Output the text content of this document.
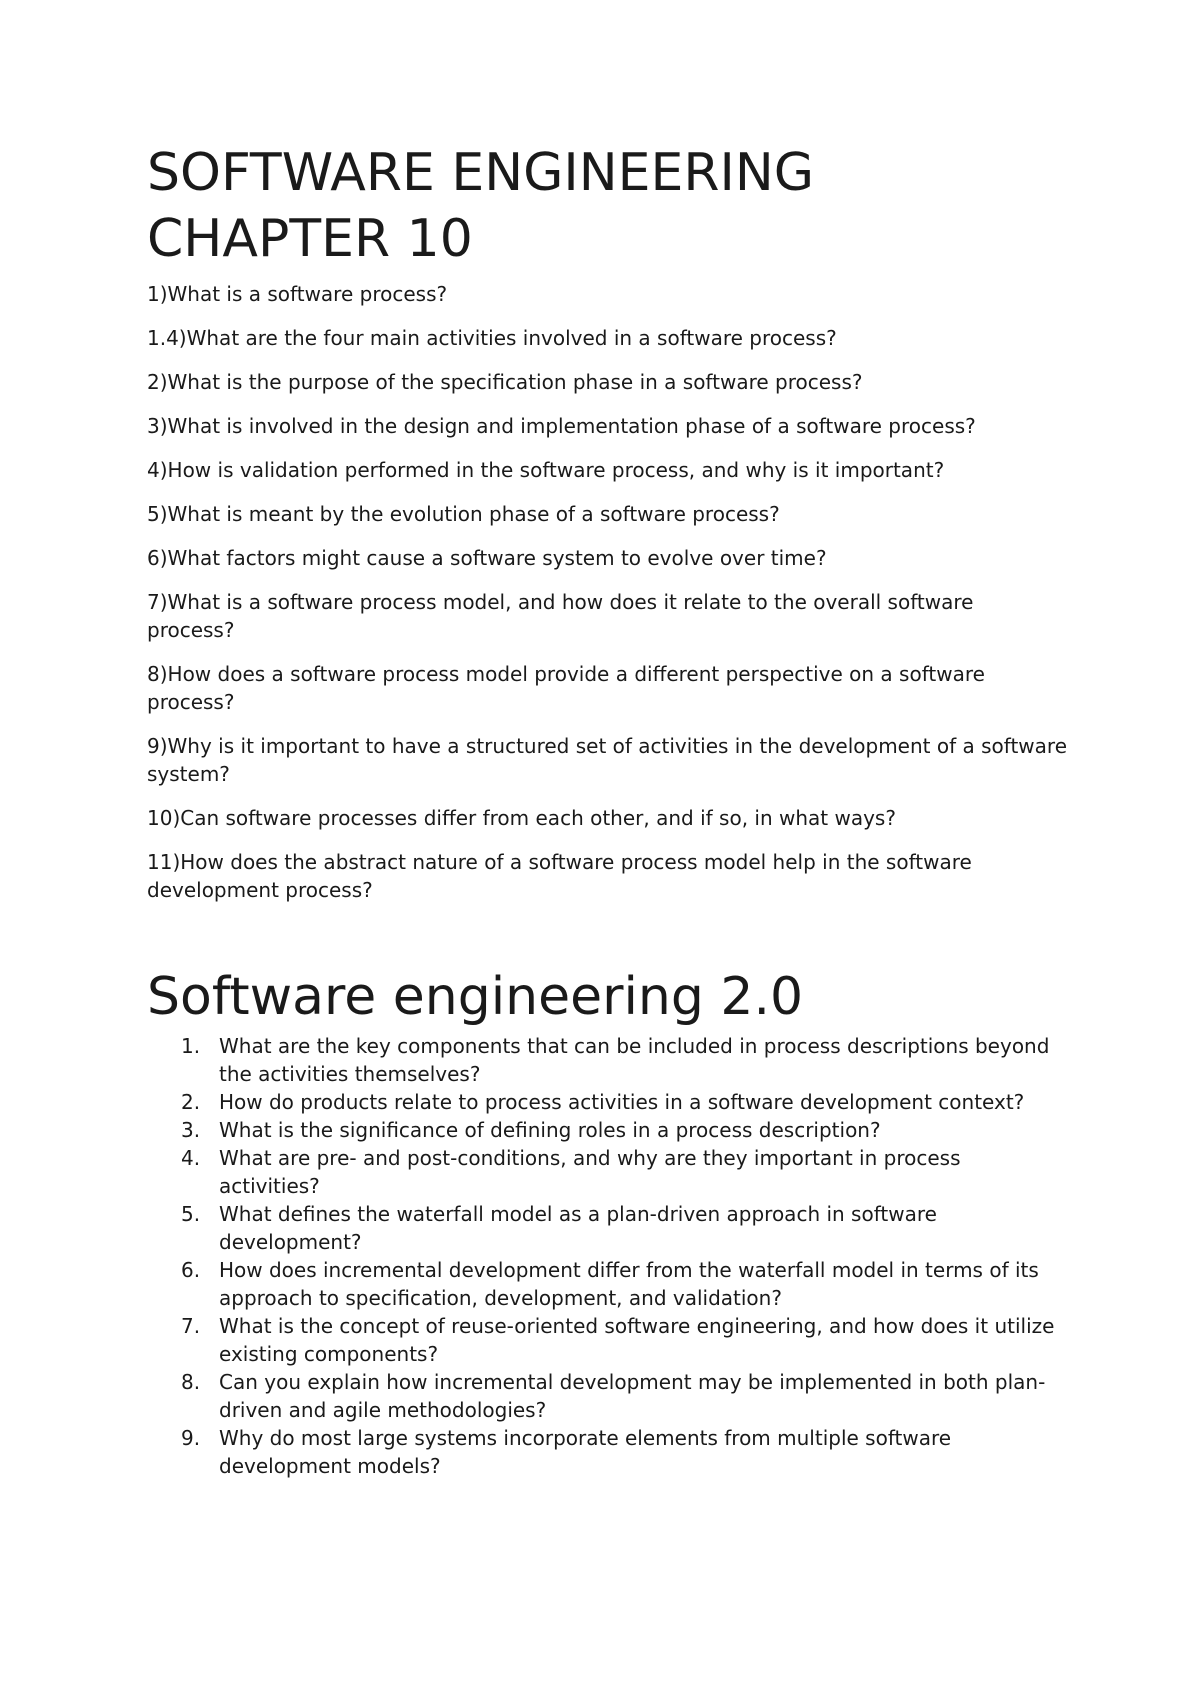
SOFTWARE ENGINEERING
CHAPTER 10

1)What is a software process?

1.4)What are the four main activities involved in a software process?

2)What is the purpose of the specification phase in a software process?

3)What is involved in the design and implementation phase of a software process?

4)How is validation performed in the software process, and why is it important?

5)What is meant by the evolution phase of a software process?

6)What factors might cause a software system to evolve over time?

7)What is a software process model, and how does it relate to the overall software process?

8)How does a software process model provide a different perspective on a software process?

9)Why is it important to have a structured set of activities in the development of a software system?

10)Can software processes differ from each other, and if so, in what ways?

11)How does the abstract nature of a software process model help in the software development process?

Software engineering 2.0
1. What are the key components that can be included in process descriptions beyond the activities themselves?
2. How do products relate to process activities in a software development context?
3. What is the significance of defining roles in a process description?
4. What are pre- and post-conditions, and why are they important in process activities?
5. What defines the waterfall model as a plan-driven approach in software development?
6. How does incremental development differ from the waterfall model in terms of its approach to specification, development, and validation?
7. What is the concept of reuse-oriented software engineering, and how does it utilize existing components?
8. Can you explain how incremental development may be implemented in both plan-driven and agile methodologies?
9. Why do most large systems incorporate elements from multiple software development models?
